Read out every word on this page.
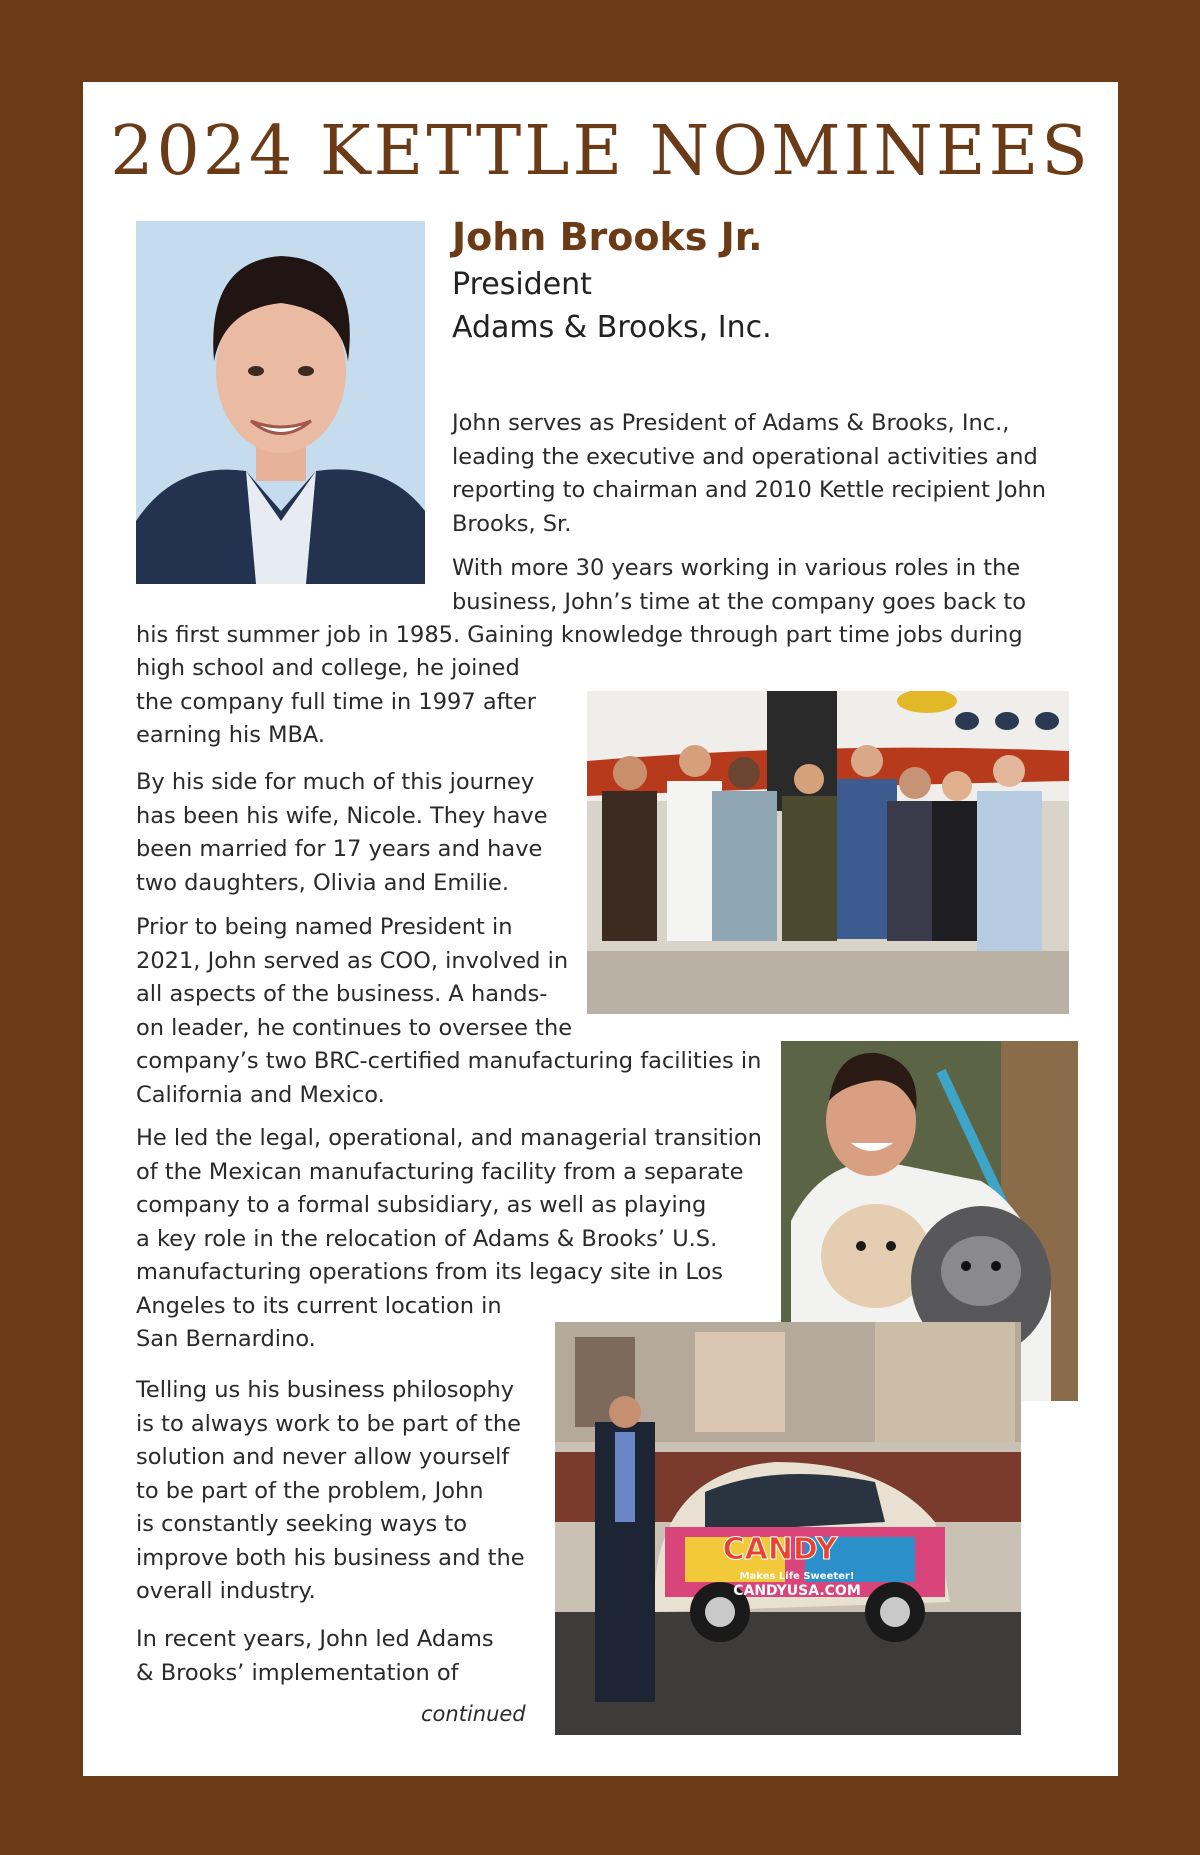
2024 KETTLE NOMINEES
John Brooks Jr.

President

Adams & Brooks, Inc.

John serves as President of Adams & Brooks, Inc.,
leading the executive and operational activities and
reporting to chairman and 2010 Kettle recipient John
Brooks, Sr.
With more 30 years working in various roles in the
business, John’s time at the company goes back to
his first summer job in 1985. Gaining knowledge through part time jobs during
high school and college, he joined
the company full time in 1997 after
earning his MBA.
By his side for much of this journey
has been his wife, Nicole. They have
been married for 17 years and have
two daughters, Olivia and Emilie.
Prior to being named President in
2021, John served as COO, involved in
all aspects of the business. A hands-
on leader, he continues to oversee the
company’s two BRC-certified manufacturing facilities in
California and Mexico.
He led the legal, operational, and managerial transition
of the Mexican manufacturing facility from a separate
company to a formal subsidiary, as well as playing
a key role in the relocation of Adams & Brooks’ U.S.
manufacturing operations from its legacy site in Los
Angeles to its current location in
San Bernardino.
Telling us his business philosophy
is to always work to be part of the
solution and never allow yourself
to be part of the problem, John
is constantly seeking ways to
improve both his business and the
overall industry.
In recent years, John led Adams
& Brooks’ implementation of
continued
CANDY
Makes Life Sweeter!
CANDYUSA.COM
